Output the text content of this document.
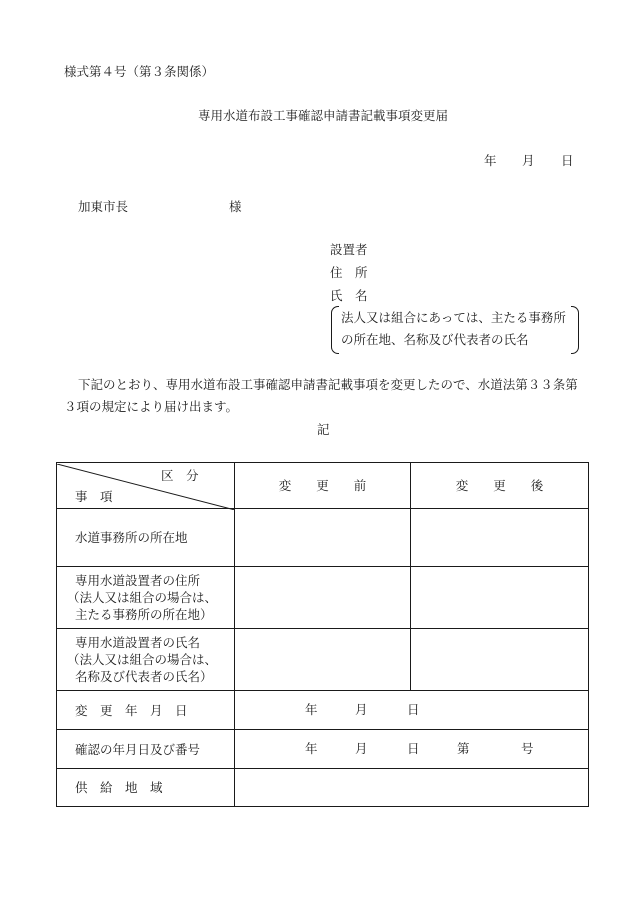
様式第４号（第３条関係）
専用水道布設工事確認申請書記載事項変更届
年 月 日
加東市長	様
設置者
住　所
氏　名
法人又は組合にあっては、主たる事務所
の所在地、名称及び代表者の氏名
下記のとおり、専用水道布設工事確認申請書記載事項を変更したので、水道法第３３条第
３項の規定により届け出ます。
記
区　分
事　項	変　　更　　前	変　　更　　後
水道事務所の所在地		

専用水道設置者の住所
（法人又は組合の場合は、
主たる事務所の所在地）		

専用水道設置者の氏名
（法人又は組合の場合は、
名称及び代表者の氏名）		

変　更　年　月　日	年 月 日	

確認の年月日及び番号	年 月 日 第 号	

供　給　地　域		
